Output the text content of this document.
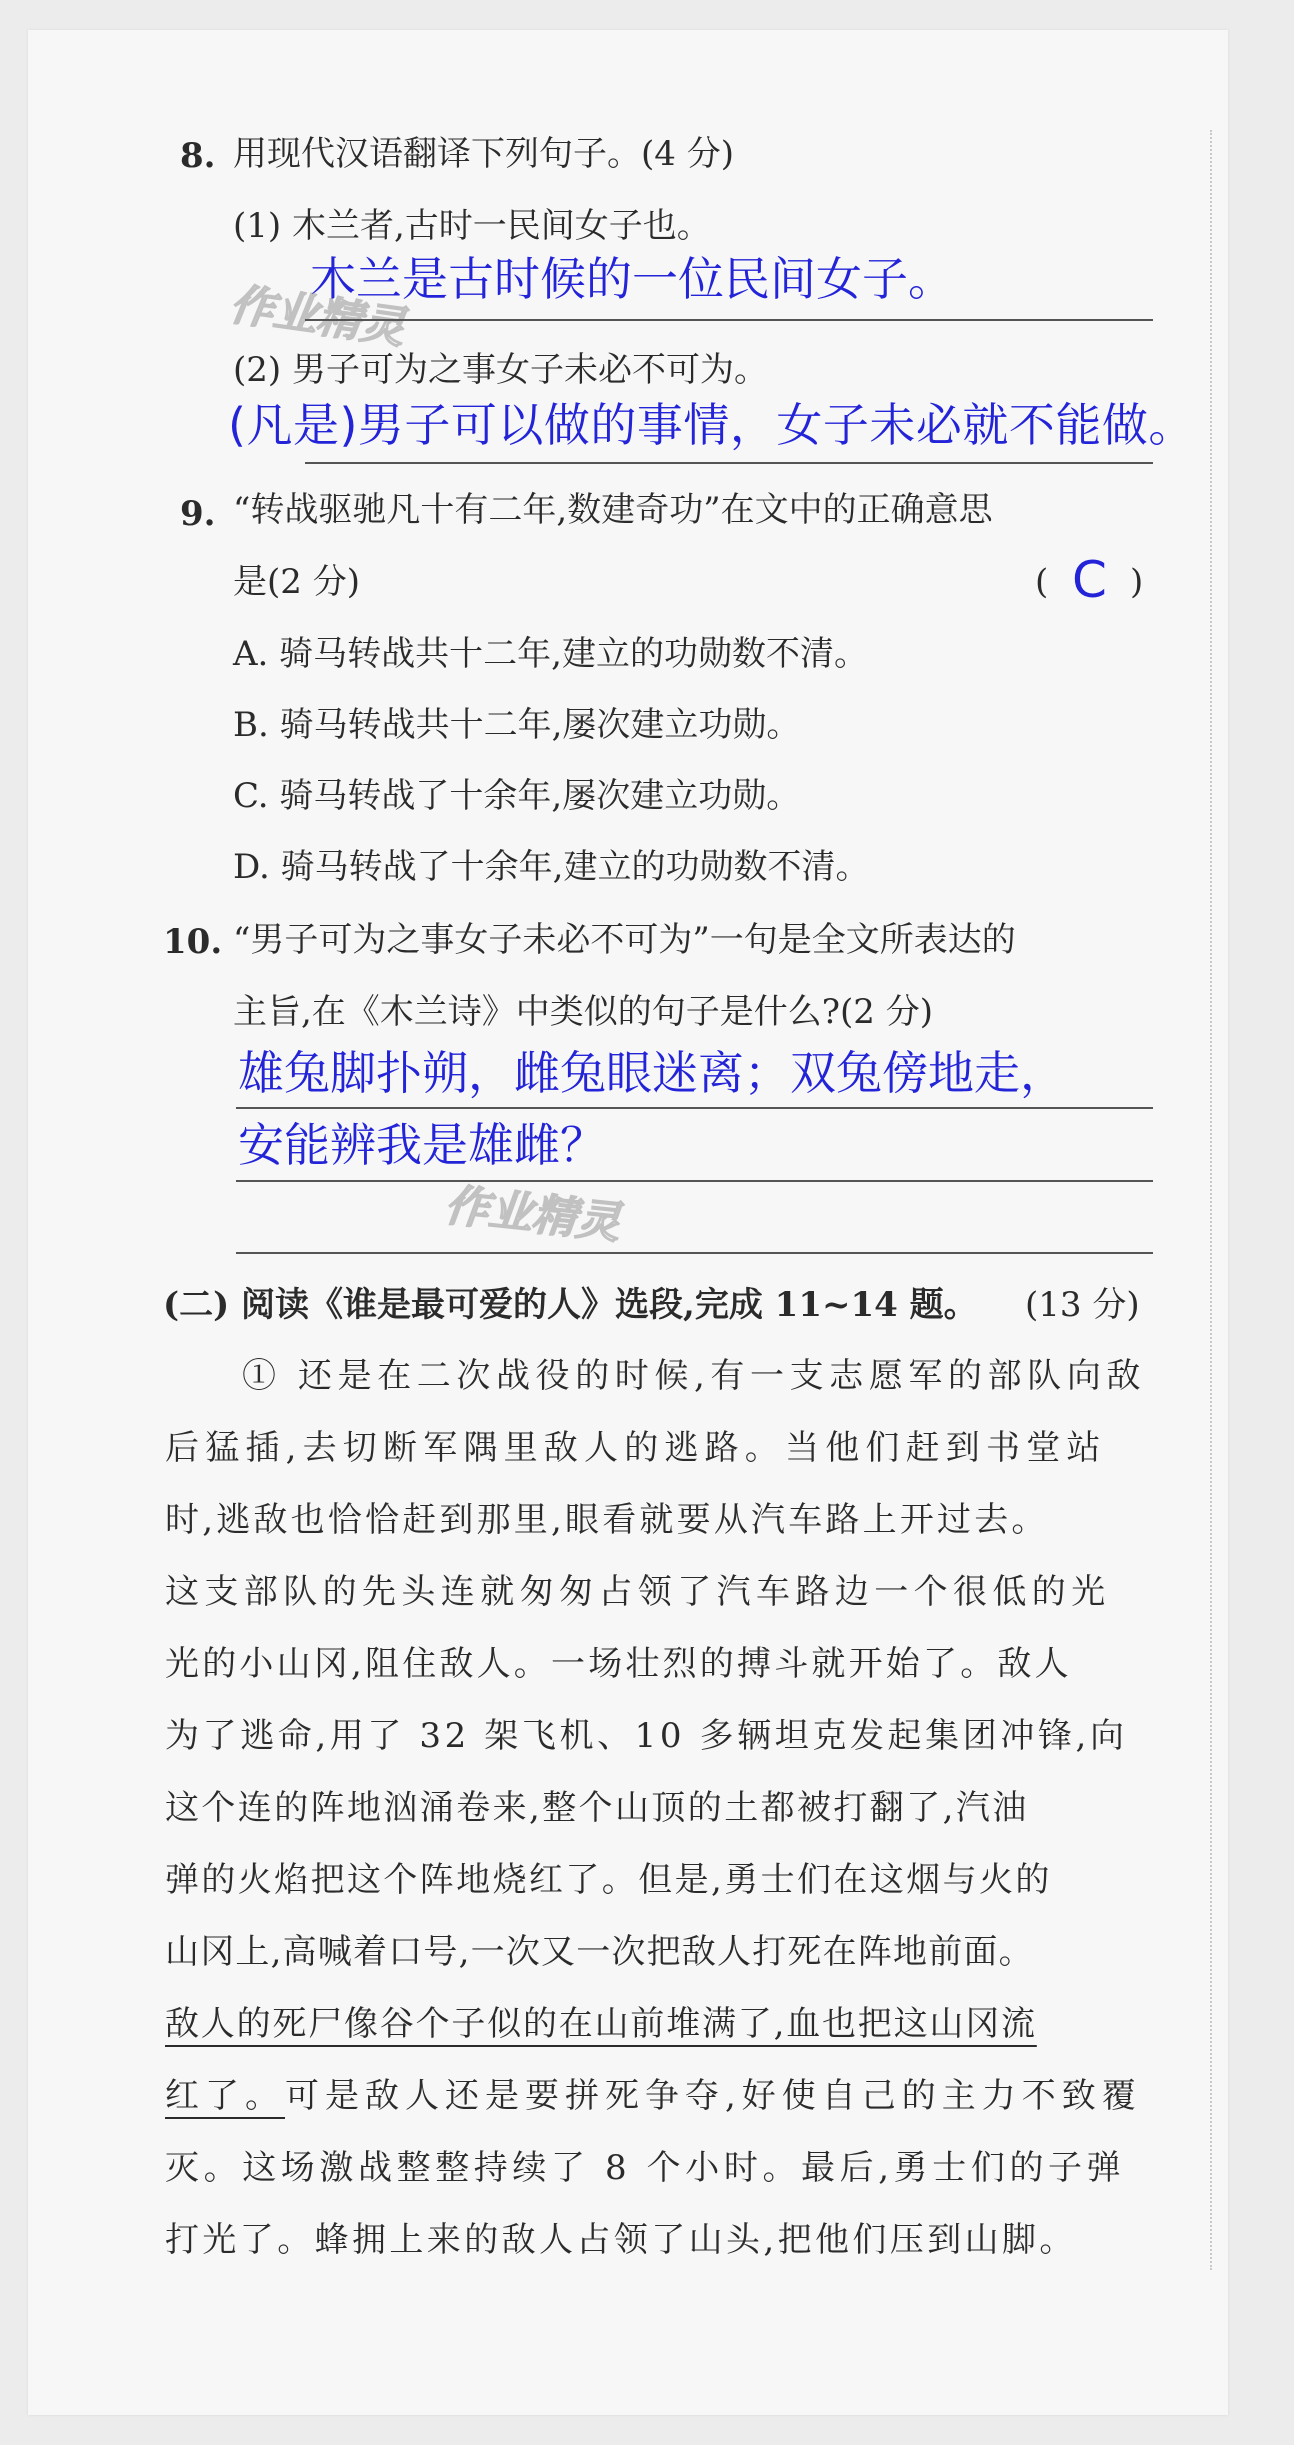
8. 用现代汉语翻译下列句子。(4 分)
(1) 木兰者,古时一民间女子也。
木兰是古时候的一位民间女子。
作业精灵
(2) 男子可为之事女子未必不可为。
(凡是)男子可以做的事情，女子未必就不能做。
9. “转战驱驰凡十有二年,数建奇功”在文中的正确意思
是(2 分)	( C )
A. 骑马转战共十二年,建立的功勋数不清。
B. 骑马转战共十二年,屡次建立功勋。
C. 骑马转战了十余年,屡次建立功勋。
D. 骑马转战了十余年,建立的功勋数不清。
10. “男子可为之事女子未必不可为”一句是全文所表达的
主旨,在《木兰诗》中类似的句子是什么?(2 分)
雄兔脚扑朔，雌兔眼迷离；双兔傍地走，
安能辨我是雄雌？
作业精灵
(二) 阅读《谁是最可爱的人》选段,完成 11~14 题。 (13 分)
① 还是在二次战役的时候,有一支志愿军的部队向敌
后猛插,去切断军隅里敌人的逃路。当他们赶到书堂站
时,逃敌也恰恰赶到那里,眼看就要从汽车路上开过去。
这支部队的先头连就匆匆占领了汽车路边一个很低的光
光的小山冈,阻住敌人。一场壮烈的搏斗就开始了。敌人
为了逃命,用了 32 架飞机、10 多辆坦克发起集团冲锋,向
这个连的阵地汹涌卷来,整个山顶的土都被打翻了,汽油
弹的火焰把这个阵地烧红了。但是,勇士们在这烟与火的
山冈上,高喊着口号,一次又一次把敌人打死在阵地前面。
敌人的死尸像谷个子似的在山前堆满了,血也把这山冈流
红了。可是敌人还是要拼死争夺,好使自己的主力不致覆
灭。这场激战整整持续了 8 个小时。最后,勇士们的子弹
打光了。蜂拥上来的敌人占领了山头,把他们压到山脚。
